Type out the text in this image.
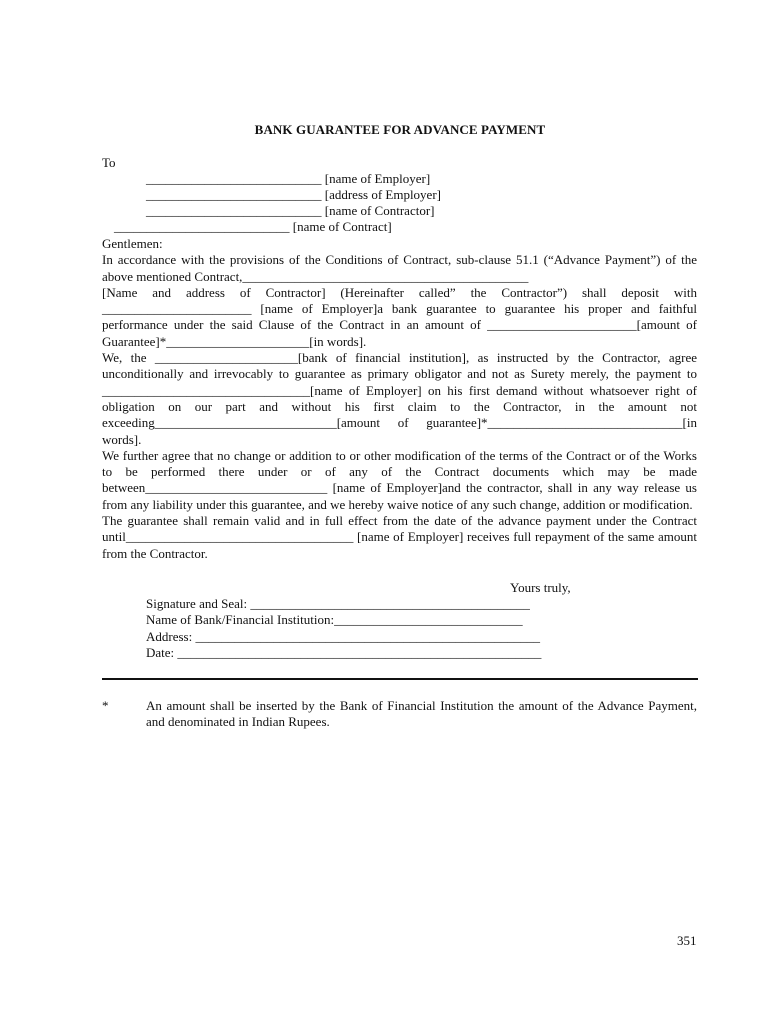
BANK GUARANTEE FOR ADVANCE PAYMENT
To
___________________________ [name of Employer]
___________________________ [address of Employer]
___________________________ [name of Contractor]
___________________________ [name of Contract]

Gentlemen:

In accordance with the provisions of the Conditions of Contract, sub-clause 51.1 (“Advance Payment”) of the above mentioned Contract,____________________________________________

[Name and address of Contractor] (Hereinafter called” the Contractor”) shall deposit with _______________________ [name of Employer]a bank guarantee to guarantee his proper and faithful performance under the said Clause of the Contract in an amount of _______________________[amount of Guarantee]*______________________[in words].

We, the ______________________[bank of financial institution], as instructed by the Contractor, agree unconditionally and irrevocably to guarantee as primary obligator and not as Surety merely, the payment to ________________________________[name of Employer] on his first demand without whatsoever right of obligation on our part and without his first claim to the Contractor, in the amount not exceeding____________________________[amount of guarantee]*______________________________[in words].

We further agree that no change or addition to or other modification of the terms of the Contract or of the Works to be performed there under or of any of the Contract documents which may be made between____________________________ [name of Employer]and the contractor, shall in any way release us from any liability under this guarantee, and we hereby waive notice of any such change, addition or modification.

The guarantee shall remain valid and in full effect from the date of the advance payment under the Contract until___________________________________ [name of Employer] receives full repayment of the same amount from the Contractor.

Yours truly,
Signature and Seal: ___________________________________________
Name of Bank/Financial Institution:_____________________________
Address: _____________________________________________________
Date: ________________________________________________________
*	An amount shall be inserted by the Bank of Financial Institution the amount of the Advance Payment, and denominated in Indian Rupees.
351
